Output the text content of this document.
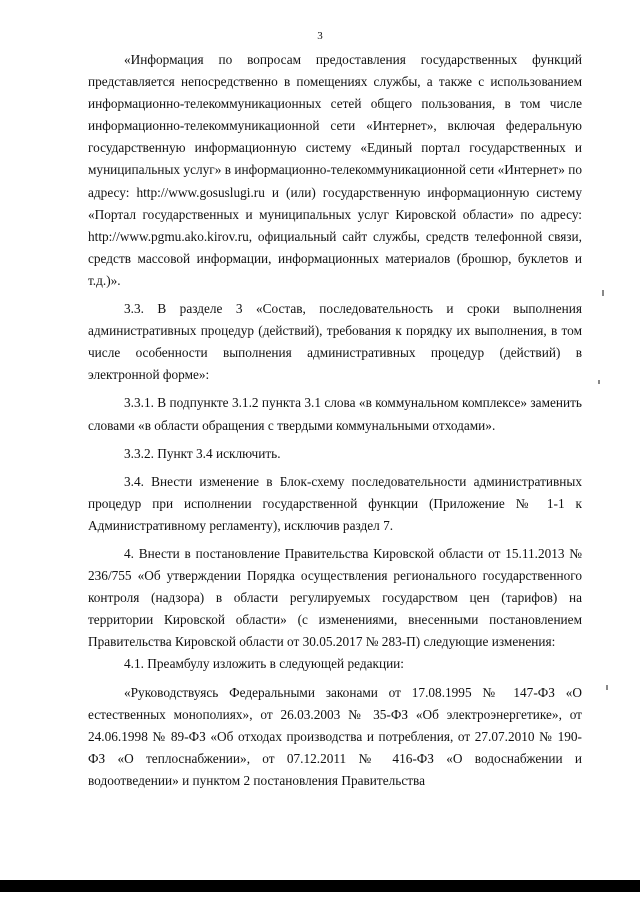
3

«Информация по вопросам предоставления государственных функций представляется непосредственно в помещениях службы, а также с использованием информационно-телекоммуникационных сетей общего пользования, в том числе информационно-телекоммуникационной сети «Интернет», включая федеральную государственную информационную систему «Единый портал государственных и муниципальных услуг» в информационно-телекоммуникационной сети «Интернет» по адресу: http://www.gosuslugi.ru и (или) государственную информационную систему «Портал государственных и муниципальных услуг Кировской области» по адресу: http://www.pgmu.ako.kirov.ru, официальный сайт службы, средств телефонной связи, средств массовой информации, информационных материалов (брошюр, буклетов и т.д.)».

3.3. В разделе 3 «Состав, последовательность и сроки выполнения административных процедур (действий), требования к порядку их выполнения, в том числе особенности выполнения административных процедур (действий) в электронной форме»:

3.3.1. В подпункте 3.1.2 пункта 3.1 слова «в коммунальном комплексе» заменить словами «в области обращения с твердыми коммунальными отходами».

3.3.2. Пункт 3.4 исключить.

3.4. Внести изменение в Блок-схему последовательности административных процедур при исполнении государственной функции (Приложение № 1-1 к Административному регламенту), исключив раздел 7.

4. Внести в постановление Правительства Кировской области от 15.11.2013 № 236/755 «Об утверждении Порядка осуществления регионального государственного контроля (надзора) в области регулируемых государством цен (тарифов) на территории Кировской области» (с изменениями, внесенными постановлением Правительства Кировской области от 30.05.2017 № 283-П) следующие изменения:

4.1. Преамбулу изложить в следующей редакции:

«Руководствуясь Федеральными законами от 17.08.1995 № 147-ФЗ «О естественных монополиях», от 26.03.2003 № 35-ФЗ «Об электроэнергетике», от 24.06.1998 № 89-ФЗ «Об отходах производства и потребления, от 27.07.2010 № 190-ФЗ «О теплоснабжении», от 07.12.2011 № 416-ФЗ «О водоснабжении и водоотведении» и пунктом 2 постановления Правительства
